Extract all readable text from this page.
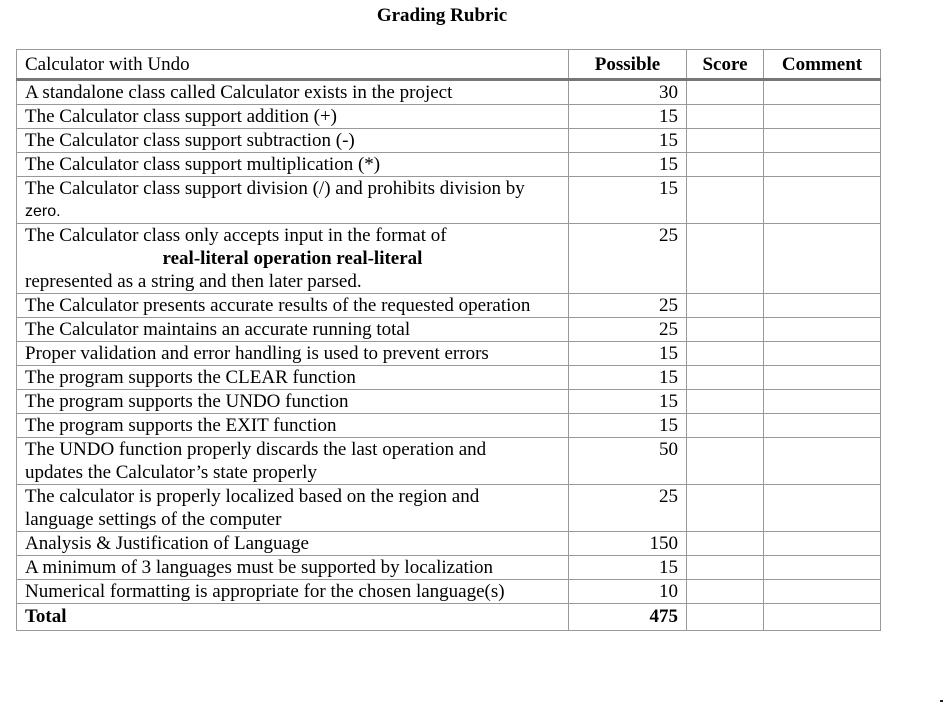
Grading Rubric
Calculator with Undo	Possible	Score	Comment
A standalone class called Calculator exists in the project	30		
The Calculator class support addition (+)	15		
The Calculator class support subtraction (-)	15		
The Calculator class support multiplication (*)	15		

The Calculator class support division (/) and prohibits division by
zero.	15		

The Calculator class only accepts input in the format of
real-literal operation real-literal
represented as a string and then later parsed.	25		
The Calculator presents accurate results of the requested operation	25		
The Calculator maintains an accurate running total	25		
Proper validation and error handling is used to prevent errors	15		
The program supports the CLEAR function	15		
The program supports the UNDO function	15		
The program supports the EXIT function	15		

The UNDO function properly discards the last operation and
updates the Calculator’s state properly	50		

The calculator is properly localized based on the region and
language settings of the computer	25		
Analysis & Justification of Language	150		
A minimum of 3 languages must be supported by localization	15		
Numerical formatting is appropriate for the chosen language(s)	10		
Total	475		
